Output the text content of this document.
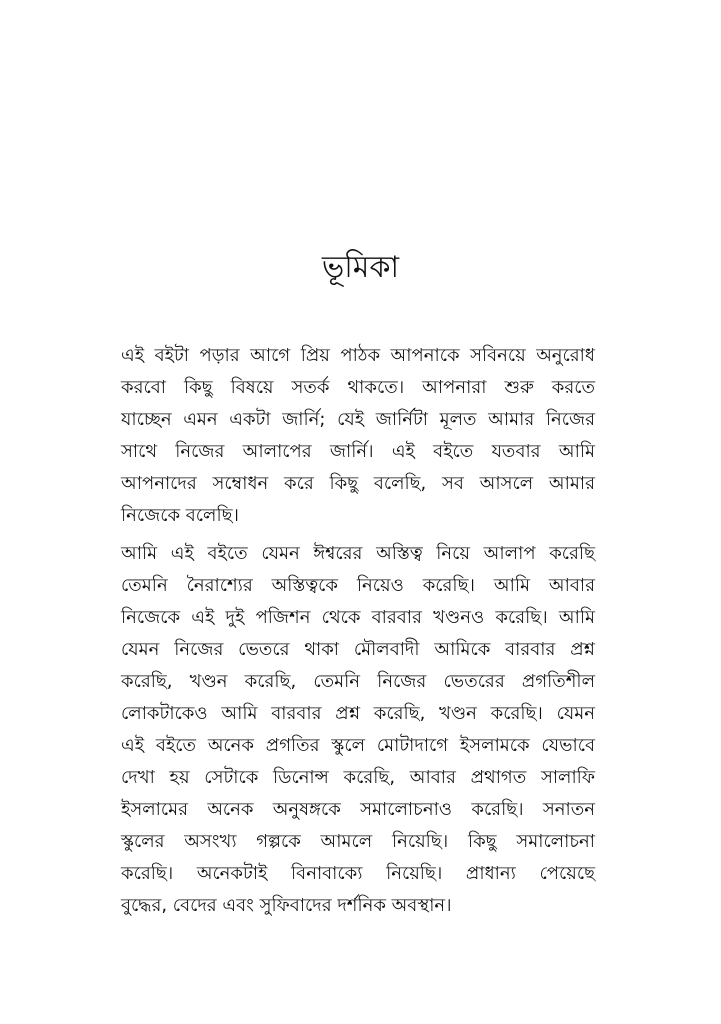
ভূমিকা

এই বইটা পড়ার আগে প্রিয় পাঠক আপনাকে সবিনয়ে অনুরোধ
করবো কিছু বিষয়ে সতর্ক থাকতে। আপনারা শুরু করতে
যাচ্ছেন এমন একটা জার্নি; যেই জার্নিটা মূলত আমার নিজের
সাথে নিজের আলাপের জার্নি। এই বইতে যতবার আমি
আপনাদের সম্বোধন করে কিছু বলেছি, সব আসলে আমার
নিজেকে বলেছি।

আমি এই বইতে যেমন ঈশ্বরের অস্তিত্ব নিয়ে আলাপ করেছি
তেমনি নৈরাশ্যের অস্তিত্বকে নিয়েও করেছি। আমি আবার
নিজেকে এই দুই পজিশন থেকে বারবার খণ্ডনও করেছি। আমি
যেমন নিজের ভেতরে থাকা মৌলবাদী আমিকে বারবার প্রশ্ন
করেছি, খণ্ডন করেছি, তেমনি নিজের ভেতরের প্রগতিশীল
লোকটাকেও আমি বারবার প্রশ্ন করেছি, খণ্ডন করেছি। যেমন
এই বইতে অনেক প্রগতির স্কুলে মোটাদাগে ইসলামকে যেভাবে
দেখা হয় সেটাকে ডিনোন্স করেছি, আবার প্রথাগত সালাফি
ইসলামের অনেক অনুষঙ্গকে সমালোচনাও করেছি। সনাতন
স্কুলের অসংখ্য গল্পকে আমলে নিয়েছি। কিছু সমালোচনা
করেছি। অনেকটাই বিনাবাক্যে নিয়েছি। প্রাধান্য পেয়েছে
বুদ্ধের, বেদের এবং সুফিবাদের দর্শনিক অবস্থান।
